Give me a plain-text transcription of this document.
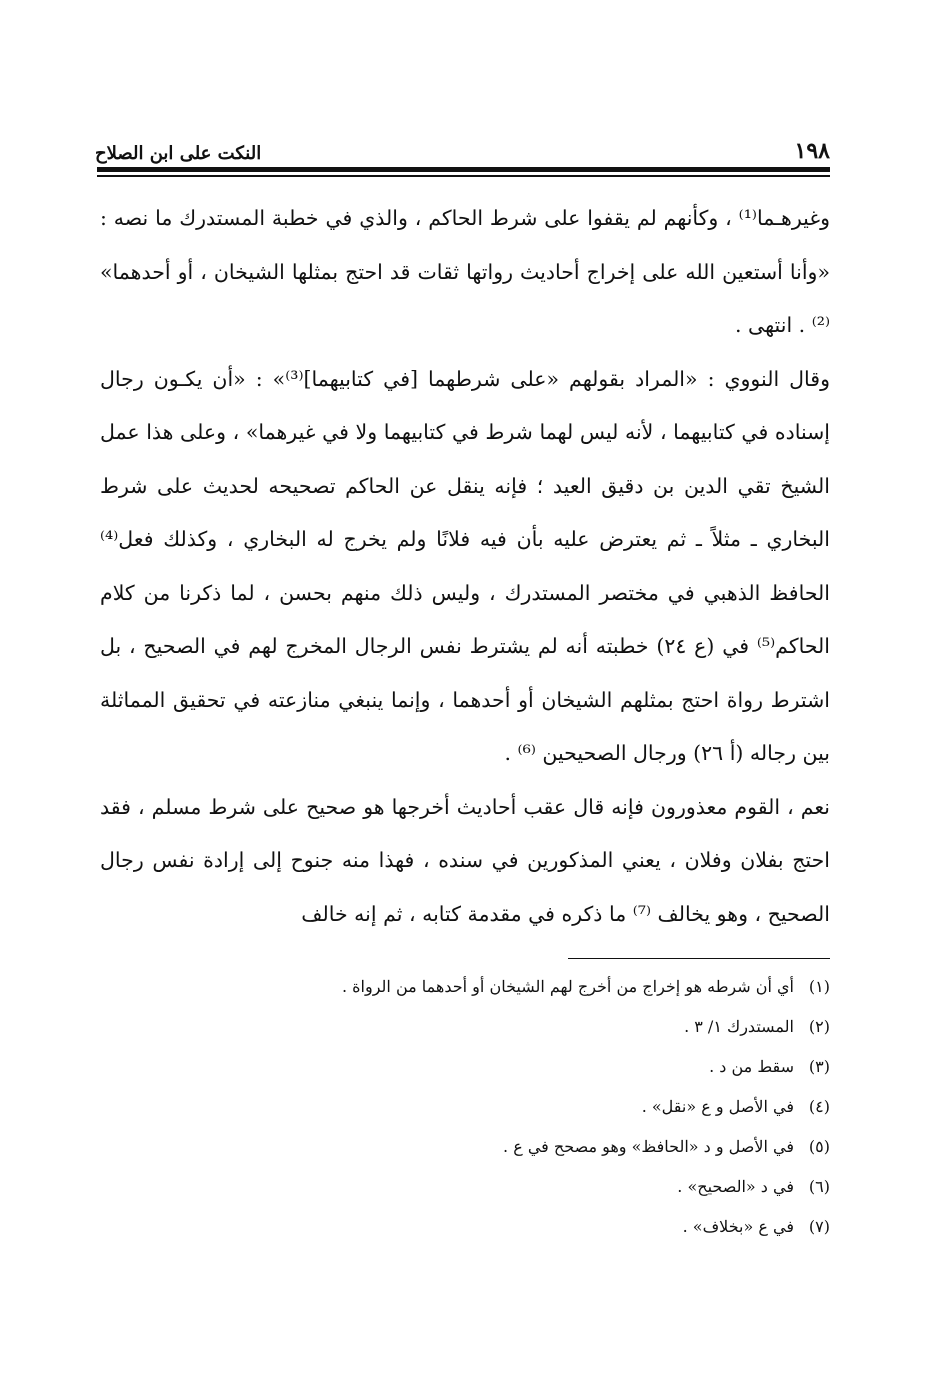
١٩٨
النكت على ابن الصلاح

وغيرهـما⁽¹⁾ ، وكأنهم لم يقفوا على شرط الحاكم ، والذي في خطبة المستدرك ما نصه : «وأنا أستعين الله على إخراج أحاديث رواتها ثقات قد احتج بمثلها الشيخان ، أو أحدهما» ⁽²⁾ . انتهى .

وقال النووي : «المراد بقولهم «على شرطهما [في كتابيهما]⁽³⁾» : «أن يكـون رجال إسناده في كتابيهما ، لأنه ليس لهما شرط في كتابيهما ولا في غيرهما» ، وعلى هذا عمل الشيخ تقي الدين بن دقيق العيد ؛ فإنه ينقل عن الحاكم تصحيحه لحديث على شرط البخاري ـ مثلاً ـ ثم يعترض عليه بأن فيه فلانًا ولم يخرج له البخاري ، وكذلك فعل⁽⁴⁾ الحافظ الذهبي في مختصر المستدرك ، وليس ذلك منهم بحسن ، لما ذكرنا من كلام الحاكم⁽⁵⁾ في (ع ٢٤) خطبته أنه لم يشترط نفس الرجال المخرج لهم في الصحيح ، بل اشترط رواة احتج بمثلهم الشيخان أو أحدهما ، وإنما ينبغي منازعته في تحقيق المماثلة بين رجاله (أ ٢٦) ورجال الصحيحين ⁽⁶⁾ .

نعم ، القوم معذورون فإنه قال عقب أحاديث أخرجها هو صحيح على شرط مسلم ، فقد احتج بفلان وفلان ، يعني المذكورين في سنده ، فهذا منه جنوح إلى إرادة نفس رجال الصحيح ، وهو يخالف ⁽⁷⁾ ما ذكره في مقدمة كتابه ، ثم إنه خالف

(١)
أي أن شرطه هو إخراج من أخرج لهم الشيخان أو أحدهما من الرواة .
(٢)
المستدرك ١/ ٣ .
(٣)
سقط من د .
(٤)
في الأصل و ع «نقل» .
(٥)
في الأصل و د «الحافظ» وهو مصحح في ع .
(٦)
في د «الصحيح» .
(٧)
في ع «بخلاف» .
